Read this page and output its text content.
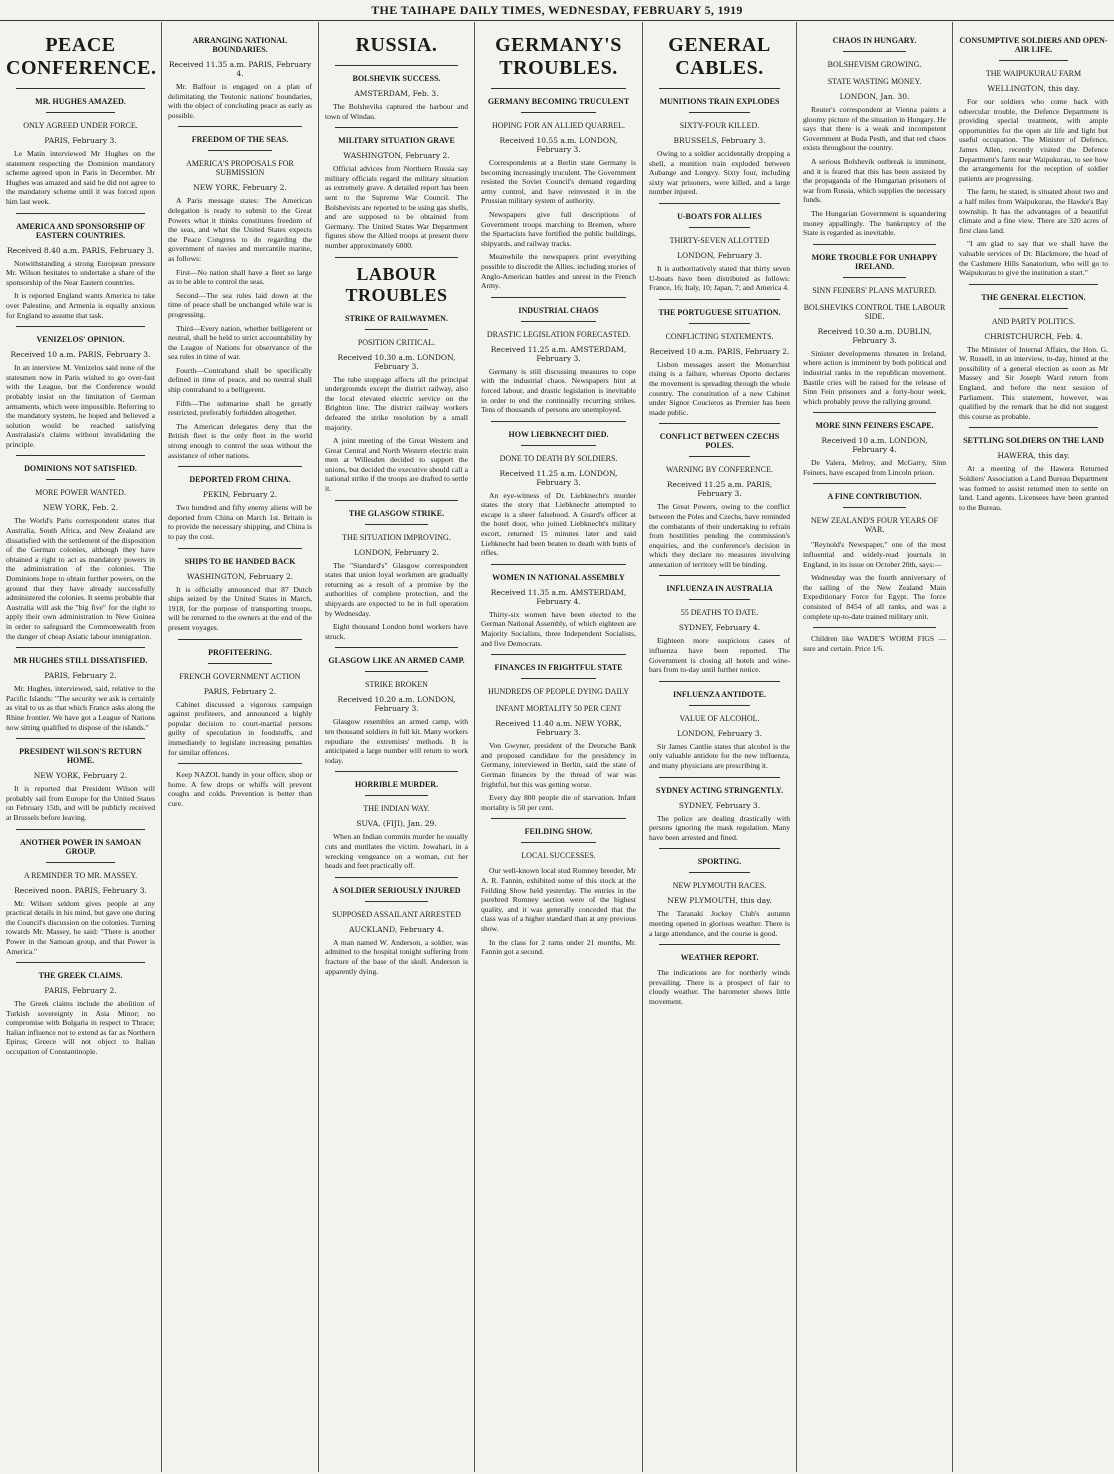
THE TAIHAPE DAILY TIMES, WEDNESDAY, FEBRUARY 5, 1919
PEACE CONFERENCE.
MR. HUGHES AMAZED.
ONLY AGREED UNDER FORCE.
PARIS, February 3.

Le Matin interviewed Mr Hughes on the statement respecting the Dominion mandatory scheme agreed upon in Paris in December. Mr Hughes was amazed and said he did not agree to the mandatory scheme until it was forced upon him last week.

AMERICA AND SPONSORSHIP OF EASTERN COUNTRIES.
Received 8.40 a.m. PARIS, February 3.

Notwithstanding a strong European pressure Mr. Wilson hesitates to undertake a share of the sponsorship of the Near Eastern countries.

It is reported England wants America to take over Palestine, and Armenia is equally anxious for England to assume that task.

VENIZELOS' OPINION.
Received 10 a.m. PARIS, February 3.

In an interview M. Venizelos said none of the statesmen now in Paris wished to go over-fast with the League, but the Conference would probably insist on the limitation of German armaments, which were impossible. Referring to the mandatory system, he hoped and believed a solution would be reached satisfying Australasia's claims without invalidating the principle.

DOMINIONS NOT SATISFIED.
MORE POWER WANTED.
NEW YORK, Feb. 2.

The World's Paris correspondent states that Australia, South Africa, and New Zealand are dissatisfied with the settlement of the disposition of the German colonies, although they have obtained a right to act as mandatory powers in the administration of the colonies. The Dominions hope to obtain further powers, on the ground that they have already successfully administered the colonies. It seems probable that Australia will ask the "big five" for the right to apply their own administration to New Guinea in order to safeguard the Commonwealth from the danger of cheap Asiatic labour immigration.

MR HUGHES STILL DISSATISFIED.
PARIS, February 2.

Mr. Hughes, interviewed, said, relative to the Pacific Islands: "The security we ask is certainly as vital to us as that which France asks along the Rhine frontier. We have got a League of Nations now sitting qualified to dispose of the islands."

PRESIDENT WILSON'S RETURN HOME.
NEW YORK, February 2.

It is reported that President Wilson will probably sail from Europe for the United States on February 15th, and will be publicly received at Brussels before leaving.

ANOTHER POWER IN SAMOAN GROUP.
A REMINDER TO MR. MASSEY.
Received noon. PARIS, February 3.

Mr. Wilson seldom gives people at any practical details in his mind, but gave one during the Council's discussion on the colonies. Turning towards Mr. Massey, he said: "There is another Power in the Samoan group, and that Power is America."

THE GREEK CLAIMS.
PARIS, February 2.

The Greek claims include the abolition of Turkish sovereignty in Asia Minor; no compromise with Bulgaria in respect to Thrace; Italian influence not to extend as far as Northern Epirus; Greece will not object to Italian occupation of Constantinople.

ARRANGING NATIONAL BOUNDARIES.
Received 11.35 a.m. PARIS, February 4.

Mr. Balfour is engaged on a plan of delimitating the Teutonic nations' boundaries, with the object of concluding peace as early as possible.

FREEDOM OF THE SEAS.
AMERICA'S PROPOSALS FOR SUBMISSION
NEW YORK, February 2.

A Paris message states: The American delegation is ready to submit to the Great Powers what it thinks constitutes freedom of the seas, and what the United States expects the Peace Congress to do regarding the government of navies and mercantile marine, as follows:

First—No nation shall have a fleet so large as to be able to control the seas.

Second—The sea rules laid down at the time of peace shall be unchanged while war is progressing.

Third—Every nation, whether belligerent or neutral, shall be held to strict accountability by the League of Nations for observance of the sea rules in time of war.

Fourth—Contraband shall be specifically defined in time of peace, and no neutral shall ship contraband to a belligerent.

Fifth—The submarine shall be greatly restricted, preferably forbidden altogether.

The American delegates deny that the British fleet is the only fleet in the world strong enough to control the seas without the assistance of other nations.

DEPORTED FROM CHINA.
PEKIN, February 2.

Two hundred and fifty enemy aliens will be deported from China on March 1st. Britain is to provide the necessary shipping, and China is to pay the cost.

SHIPS TO BE HANDED BACK
WASHINGTON, February 2.

It is officially announced that 87 Dutch ships seized by the United States in March, 1918, for the purpose of transporting troops, will be returned to the owners at the end of the present voyages.

PROFITEERING.
FRENCH GOVERNMENT ACTION
PARIS, February 2.

Cabinet discussed a vigorous campaign against profiteers, and announced a highly popular decision to court-martial persons guilty of speculation in foodstuffs, and immediately to legislate increasing penalties for similar offences.

Keep NAZOL handy in your office, shop or home. A few drops or whiffs will prevent coughs and colds. Prevention is better than cure.

RUSSIA.
BOLSHEVIK SUCCESS.
AMSTERDAM, Feb. 3.

The Bolsheviks captured the harbour and town of Windau.

MILITARY SITUATION GRAVE
WASHINGTON, February 2.

Official advices from Northern Russia say military officials regard the military situation as extremely grave. A detailed report has been sent to the Supreme War Council. The Bolshevists are reported to be using gas shells, and are supposed to be obtained from Germany. The United States War Department figures show the Allied troops at present there number approximately 6000.

LABOUR TROUBLES
STRIKE OF RAILWAYMEN.
POSITION CRITICAL.
Received 10.30 a.m. LONDON, February 3.

The tube stoppage affects all the principal undergrounds except the district railway, also the local elevated electric service on the Brighton line. The district railway workers defeated the strike resolution by a small majority.

A joint meeting of the Great Western and Great Central and North Western electric train men at Willesden decided to support the unions, but decided the executive should call a national strike if the troops are drafted to settle it.

THE GLASGOW STRIKE.
THE SITUATION IMPROVING.
LONDON, February 2.

The "Standard's" Glasgow correspondent states that union loyal workmen are gradually returning as a result of a promise by the authorities of complete protection, and the shipyards are expected to be in full operation by Wednesday.

Eight thousand London hotel workers have struck.

GLASGOW LIKE AN ARMED CAMP.
STRIKE BROKEN
Received 10.20 a.m. LONDON, February 3.

Glasgow resembles an armed camp, with ten thousand soldiers in full kit. Many workers repudiate the extremists' methods. It is anticipated a large number will return to work today.

HORRIBLE MURDER.
THE INDIAN WAY.
SUVA, (FIJI), Jan. 29.

When an Indian commits murder he usually cuts and mutilates the victim. Jowahari, in a wrecking vengeance on a woman, cut her heads and feet practically off.

A SOLDIER SERIOUSLY INJURED
SUPPOSED ASSAILANT ARRESTED
AUCKLAND, February 4.

A man named W. Anderson, a soldier, was admitted to the hospital tonight suffering from fracture of the base of the skull. Anderson is apparently dying.

GERMANY'S TROUBLES.
GERMANY BECOMING TRUCULENT
HOPING FOR AN ALLIED QUARREL.
Received 10.55 a.m. LONDON, February 3.

Correspondents at a Berlin state Germany is becoming increasingly truculent. The Government resisted the Soviet Council's demand regarding army control, and have reinvested it in the Prussian military system of authority.

Newspapers give full descriptions of Government troops marching to Bremen, where the Spartacists have fortified the public buildings, shipyards, and railway tracks.

Meanwhile the newspapers print everything possible to discredit the Allies, including stories of Anglo-American battles and unrest in the French Army.

INDUSTRIAL CHAOS
DRASTIC LEGISLATION FORECASTED.
Received 11.25 a.m. AMSTERDAM, February 3.

Germany is still discussing measures to cope with the industrial chaos. Newspapers hint at forced labour, and drastic legislation is inevitable in order to end the continually recurring strikes. Tens of thousands of persons are unemployed.

HOW LIEBKNECHT DIED.
DONE TO DEATH BY SOLDIERS.
Received 11.25 a.m. LONDON, February 3.

An eye-witness of Dr. Liebknecht's murder states the story that Liebknecht attempted to escape is a sheer falsehood. A Guard's officer at the hotel door, who joined Liebknecht's military escort, returned 15 minutes later and said Liebknecht had been beaten to death with butts of rifles.

WOMEN IN NATIONAL ASSEMBLY
Received 11.35 a.m. AMSTERDAM, February 4.

Thirty-six women have been elected to the German National Assembly, of which eighteen are Majority Socialists, three Independent Socialists, and five Democrats.

FINANCES IN FRIGHTFUL STATE
HUNDREDS OF PEOPLE DYING DAILY
INFANT MORTALITY 50 PER CENT
Received 11.40 a.m. NEW YORK, February 3.

Von Gwyner, president of the Deutsche Bank and proposed candidate for the presidency in Germany, interviewed in Berlin, said the state of German finances by the thread of war was frightful, but this was getting worse.

Every day 800 people die of starvation. Infant mortality is 50 per cent.

FEILDING SHOW.
LOCAL SUCCESSES.

Our well-known local stud Romney breeder, Mr A. R. Fannin, exhibited some of this stock at the Feilding Show held yesterday. The entries in the purebred Romney section were of the highest quality, and it was generally conceded that the class was of a higher standard than at any previous show.

In the class for 2 rams under 21 months, Mr. Fannin got a second.

GENERAL CABLES.
MUNITIONS TRAIN EXPLODES
SIXTY-FOUR KILLED.
BRUSSELS, February 3.

Owing to a soldier accidentally dropping a shell, a munition train exploded between Aubange and Longvy. Sixty four, including sixty war prisoners, were killed, and a large number injured.

U-BOATS FOR ALLIES
THIRTY-SEVEN ALLOTTED
LONDON, February 3.

It is authoritatively stated that thirty seven U-boats have been distributed as follows: France, 16; Italy, 10; Japan, 7; and America 4.

THE PORTUGUESE SITUATION.
CONFLICTING STATEMENTS.
Received 10 a.m. PARIS, February 2.

Lisbon messages assert the Monarchist rising is a failure, whereas Oporto declares the movement is spreading through the whole country. The constitution of a new Cabinet under Signor Coucieros as Premier has been made public.

CONFLICT BETWEEN CZECHS POLES.
WARNING BY CONFERENCE.
Received 11.25 a.m. PARIS, February 3.

The Great Powers, owing to the conflict between the Poles and Czechs, have reminded the combatants of their undertaking to refrain from hostilities pending the commission's enquiries, and the conference's decision in which they declare no measures involving annexation of territory will be binding.

INFLUENZA IN AUSTRALIA
55 DEATHS TO DATE.
SYDNEY, February 4.

Eighteen more suspicious cases of influenza have been reported. The Government is closing all hotels and wine-bars from to-day until further notice.

INFLUENZA ANTIDOTE.
VALUE OF ALCOHOL.
LONDON, February 3.

Sir James Cantlie states that alcohol is the only valuable antidote for the new influenza, and many physicians are prescribing it.

SYDNEY ACTING STRINGENTLY.
SYDNEY, February 3.

The police are dealing drastically with persons ignoring the mask regulation. Many have been arrested and fined.

SPORTING.
NEW PLYMOUTH RACES.
NEW PLYMOUTH, this day.

The Taranaki Jockey Club's autumn meeting opened in glorious weather. There is a large attendance, and the course is good.

WEATHER REPORT.

The indications are for northerly winds prevailing. There is a prospect of fair to cloudy weather. The barometer shows little movement.

CHAOS IN HUNGARY.
BOLSHEVISM GROWING.
STATE WASTING MONEY.
LONDON, Jan. 30.

Reuter's correspondent at Vienna paints a gloomy picture of the situation in Hungary. He says that there is a weak and incompetent Government at Buda Pesth, and that red chaos exists throughout the country.

A serious Bolshevik outbreak is imminent, and it is feared that this has been assisted by the propaganda of the Hungarian prisoners of war from Russia, which supplies the necessary funds.

The Hungarian Government is squandering money appallingly. The bankruptcy of the State is regarded as inevitable.

MORE TROUBLE FOR UNHAPPY IRELAND.
SINN FEINERS' PLANS MATURED.
BOLSHEVIKS CONTROL THE LABOUR SIDE.
Received 10.30 a.m. DUBLIN, February 3.

Sinister developments threaten in Ireland, where action is imminent by both political and industrial ranks in the republican movement. Bastile cries will be raised for the release of Sinn Fein prisoners and a forty-hour week, which probably prove the rallying ground.

MORE SINN FEINERS ESCAPE.
Received 10 a.m. LONDON, February 4.

De Valera, Melroy, and McGarry, Sinn Feiners, have escaped from Lincoln prison.

A FINE CONTRIBUTION.
NEW ZEALAND'S FOUR YEARS OF WAR.

"Reynold's Newspaper," one of the most influential and widely-read journals in England, in its issue on October 20th, says:—

Wednesday was the fourth anniversary of the sailing of the New Zealand Main Expeditionary Force for Egypt. The force consisted of 8454 of all ranks, and was a complete up-to-date trained military unit.

Children like WADE'S WORM FIGS —sure and certain. Price 1/6.

CONSUMPTIVE SOLDIERS AND OPEN-AIR LIFE.
THE WAIPUKURAU FARM
WELLINGTON, this day.

For our soldiers who come back with tubercular trouble, the Defence Department is providing special treatment, with ample opportunities for the open air life and light but useful occupation. The Minister of Defence, James Allen, recently visited the Defence Department's farm near Waipukurau, to see how the arrangements for the reception of soldier patients are progressing.

The farm, he stated, is situated about two and a half miles from Waipukurau, the Hawke's Bay township. It has the advantages of a beautiful climate and a fine view. There are 320 acres of first class land.

"I am glad to say that we shall have the valuable services of Dr. Blackmore, the head of the Cashmere Hills Sanatorium, who will go to Waipukurau to give the institution a start."

THE GENERAL ELECTION.
AND PARTY POLITICS.
CHRISTCHURCH, Feb. 4.

The Minister of Internal Affairs, the Hon. G. W. Russell, in an interview, to-day, hinted at the possibility of a general election as soon as Mr Massey and Sir Joseph Ward return from England, and before the next session of Parliament. This statement, however, was qualified by the remark that he did not suggest this course as probable.

SETTLING SOLDIERS ON THE LAND
HAWERA, this day.

At a meeting of the Hawera Returned Soldiers' Association a Land Bureau Department was formed to assist returned men to settle on land. Land agents. Licensees have been granted to the Bureau.
